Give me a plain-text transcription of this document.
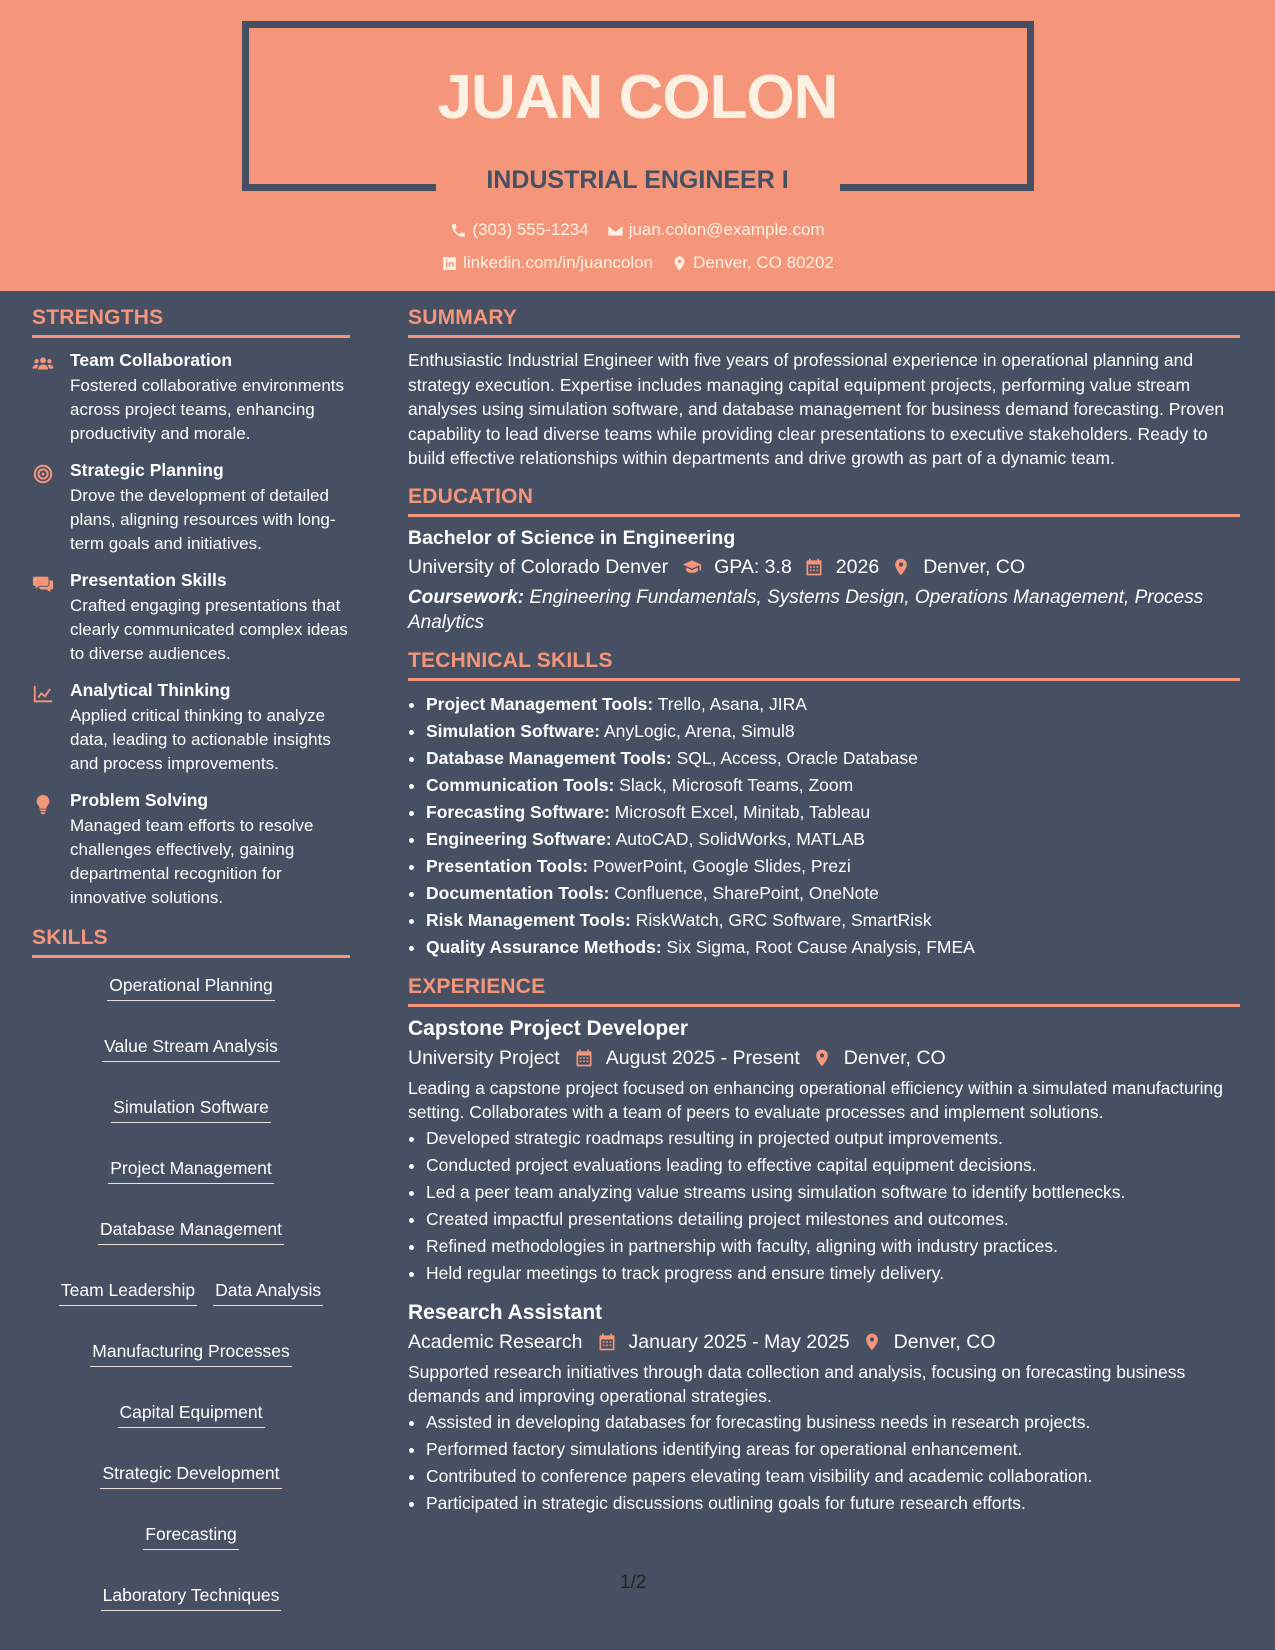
JUAN COLON
INDUSTRIAL ENGINEER I
(303) 555-1234 juan.colon@example.com
linkedin.com/in/juancolon Denver, CO 80202
STRENGTHS
Team Collaboration
Fostered collaborative environments across project teams, enhancing productivity and morale.
Strategic Planning
Drove the development of detailed plans, aligning resources with long-term goals and initiatives.
Presentation Skills
Crafted engaging presentations that clearly communicated complex ideas to diverse audiences.
Analytical Thinking
Applied critical thinking to analyze data, leading to actionable insights and process improvements.
Problem Solving
Managed team efforts to resolve challenges effectively, gaining departmental recognition for innovative solutions.
SKILLS
Operational Planning
Value Stream Analysis
Simulation Software
Project Management
Database Management
Team Leadership Data Analysis
Manufacturing Processes
Capital Equipment
Strategic Development
Forecasting
Laboratory Techniques
SUMMARY
Enthusiastic Industrial Engineer with five years of professional experience in operational planning and strategy execution. Expertise includes managing capital equipment projects, performing value stream analyses using simulation software, and database management for business demand forecasting. Proven capability to lead diverse teams while providing clear presentations to executive stakeholders. Ready to build effective relationships within departments and drive growth as part of a dynamic team.
EDUCATION
Bachelor of Science in Engineering
University of Colorado Denver GPA: 3.8 2026 Denver, CO
Coursework: Engineering Fundamentals, Systems Design, Operations Management, Process Analytics
TECHNICAL SKILLS
• Project Management Tools: Trello, Asana, JIRA
• Simulation Software: AnyLogic, Arena, Simul8
• Database Management Tools: SQL, Access, Oracle Database
• Communication Tools: Slack, Microsoft Teams, Zoom
• Forecasting Software: Microsoft Excel, Minitab, Tableau
• Engineering Software: AutoCAD, SolidWorks, MATLAB
• Presentation Tools: PowerPoint, Google Slides, Prezi
• Documentation Tools: Confluence, SharePoint, OneNote
• Risk Management Tools: RiskWatch, GRC Software, SmartRisk
• Quality Assurance Methods: Six Sigma, Root Cause Analysis, FMEA
EXPERIENCE
Capstone Project Developer
University Project August 2025 - Present Denver, CO
Leading a capstone project focused on enhancing operational efficiency within a simulated manufacturing setting. Collaborates with a team of peers to evaluate processes and implement solutions.
• Developed strategic roadmaps resulting in projected output improvements.
• Conducted project evaluations leading to effective capital equipment decisions.
• Led a peer team analyzing value streams using simulation software to identify bottlenecks.
• Created impactful presentations detailing project milestones and outcomes.
• Refined methodologies in partnership with faculty, aligning with industry practices.
• Held regular meetings to track progress and ensure timely delivery.
Research Assistant
Academic Research January 2025 - May 2025 Denver, CO
Supported research initiatives through data collection and analysis, focusing on forecasting business demands and improving operational strategies.
• Assisted in developing databases for forecasting business needs in research projects.
• Performed factory simulations identifying areas for operational enhancement.
• Contributed to conference papers elevating team visibility and academic collaboration.
• Participated in strategic discussions outlining goals for future research efforts.
1/2
